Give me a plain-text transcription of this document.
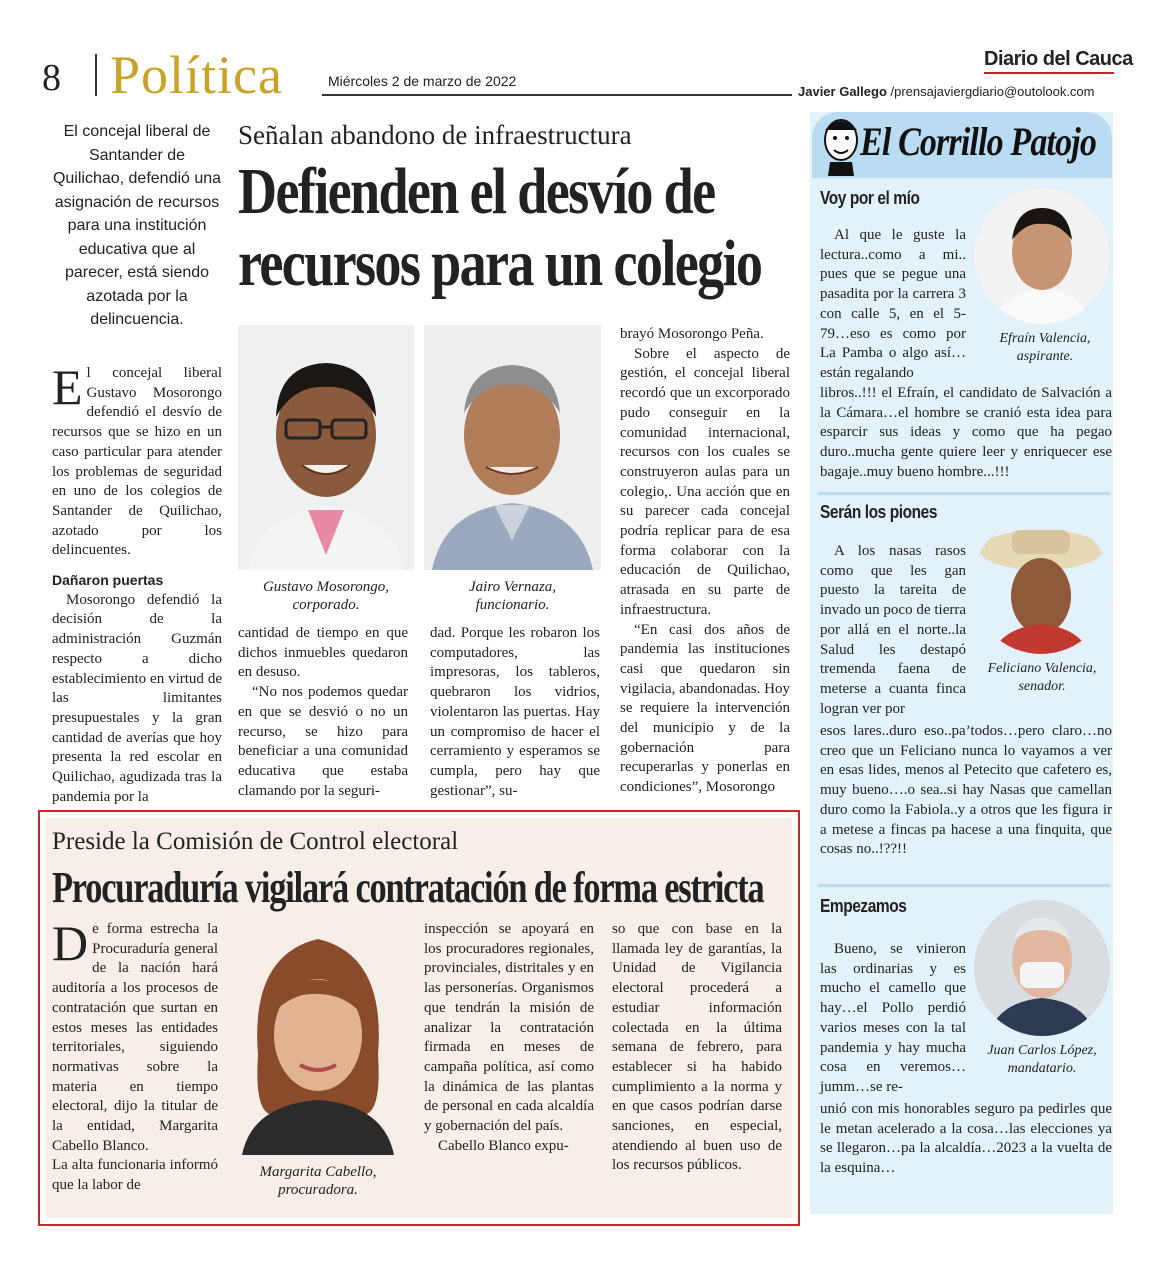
8 Política	Miércoles 2 de marzo de 2022
Diario del Cauca
Javier Gallego /prensajaviergdiario@outolook.com
El concejal liberal de Santander de Quilichao, defendió una asignación de recursos para una institución educativa que al parecer, está siendo azotada por la delincuencia.
Señalan abandono de infraestructura
Defienden el desvío de
recursos para un colegio

El concejal liberal Gustavo Mosorongo defendió el desvío de recursos que se hizo en un caso particular para atender los problemas de seguridad en uno de los colegios de Santander de Quilichao, azotado por los delincuentes.

Dañaron puertas

Mosorongo defendió la decisión de la administración Guzmán respecto a dicho establecimiento en virtud de las limitantes presupuestales y la gran cantidad de averías que hoy presenta la red escolar en Quilichao, agudizada tras la pandemia por la

Gustavo Mosorongo,
corporado.
Jairo Vernaza,
funcionario.

cantidad de tiempo en que dichos inmuebles quedaron en desuso.

“No nos podemos quedar en que se desvió o no un recurso, se hizo para beneficiar a una comunidad educativa que estaba clamando por la seguri-

dad. Porque les robaron los computadores, las impresoras, los tableros, quebraron los vidrios, violentaron las puertas. Hay un compromiso de hacer el cerramiento y esperamos se cumpla, pero hay que gestionar”, su-

brayó Mosorongo Peña.

Sobre el aspecto de gestión, el concejal liberal recordó que un excorporado pudo conseguir en la comunidad internacional, recursos con los cuales se construyeron aulas para un colegio,. Una acción que en su parecer cada concejal podría replicar para de esa forma colaborar con la educación de Quilichao, atrasada en su parte de infraestructura.

“En casi dos años de pandemia las instituciones casi que quedaron sin vigilacia, abandonadas. Hoy se requiere la intervención del municipio y de la gobernación para recuperarlas y ponerlas en condiciones”, Mosorongo

Preside la Comisión de Control electoral
Procuraduría vigilará contratación de forma estricta

De forma estrecha la Procuraduría general de la nación hará auditoría a los procesos de contratación que surtan en estos meses las entidades territoriales, siguiendo normativas sobre la materia en tiempo electoral, dijo la titular de la entidad, Margarita Cabello Blanco.

La alta funcionaria informó que la labor de

Margarita Cabello,
procuradora.

inspección se apoyará en los procuradores regionales, provinciales, distritales y en las personerías. Organismos que tendrán la misión de analizar la contratación firmada en meses de campaña política, así como la dinámica de las plantas de personal en cada alcaldía y gobernación del país.

Cabello Blanco expu-

so que con base en la llamada ley de garantías, la Unidad de Vigilancia electoral procederá a estudiar información colectada en la última semana de febrero, para establecer si ha habido cumplimiento a la norma y en que casos podrían darse sanciones, en especial, atendiendo al buen uso de los recursos públicos.

El Corrillo Patojo
Voy por el mío
Efraín Valencia,
aspirante.

Al que le guste la lectura..como a mi.. pues que se pegue una pasadita por la carrera 3 con calle 5, en el 5-79…eso es como por La Pamba o algo así…están regalando

libros..!!! el Efraín, el candidato de Salvación a la Cámara…el hombre se cranió esta idea para esparcir sus ideas y como que ha pegao duro..mucha gente quiere leer y enriquecer ese bagaje..muy bueno hombre...!!!

Serán los piones
Feliciano Valencia,
senador.

A los nasas rasos como que les gan puesto la tareita de invado un poco de tierra por allá en el norte..la Salud les destapó tremenda faena de meterse a cuanta finca logran ver por

esos lares..duro eso..pa’todos…pero claro…no creo que un Feliciano nunca lo vayamos a ver en esas lides, menos al Petecito que cafetero es, muy bueno….o sea..si hay Nasas que camellan duro como la Fabiola..y a otros que les figura ir a metese a fincas pa hacese a una finquita, que cosas no..!??!!

Empezamos
Juan Carlos López,
mandatario.

Bueno, se vinieron las ordinarias y es mucho el camello que hay…el Pollo perdió varios meses con la tal pandemia y hay mucha cosa en veremos…jumm…se re-

unió con mis honorables seguro pa pedirles que le metan acelerado a la cosa…las elecciones ya se llegaron…pa la alcaldía…2023 a la vuelta de la esquina…
